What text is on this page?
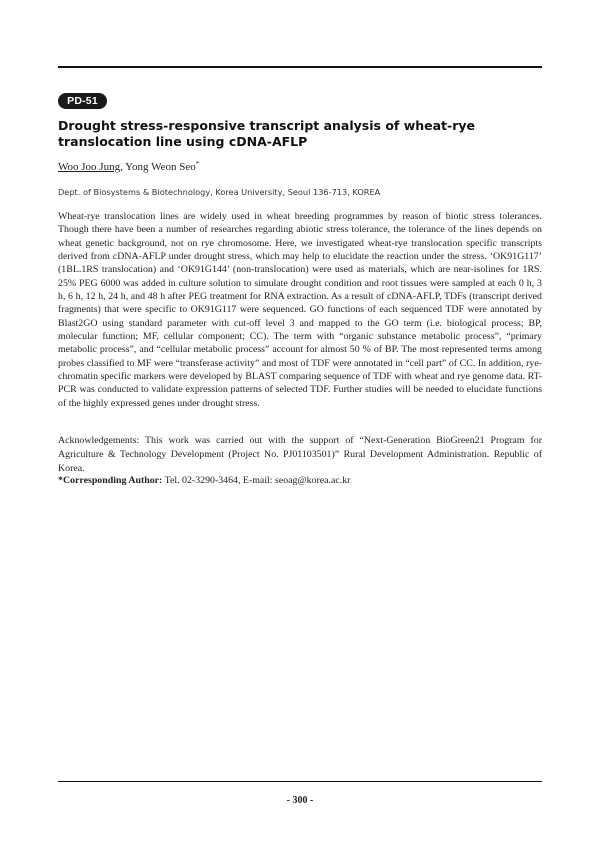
PD-51
Drought stress-responsive transcript analysis of wheat-rye translocation line using cDNA-AFLP
Woo Joo Jung, Yong Weon Seo*
Dept. of Biosystems & Biotechnology, Korea University, Seoul 136-713, KOREA

Wheat-rye translocation lines are widely used in wheat breeding programmes by reason of biotic stress tolerances. Though there have been a number of researches regarding abiotic stress tolerance, the tolerance of the lines depends on wheat genetic background, not on rye chromosome. Here, we investigated wheat-rye translocation specific transcripts derived from cDNA-AFLP under drought stress, which may help to elucidate the reaction under the stress. ‘OK91G117’ (1BL.1RS translocation) and ‘OK91G144’ (non-translocation) were used as materials, which are near-isolines for 1RS. 25% PEG 6000 was added in culture solution to simulate drought condition and root tissues were sampled at each 0 h, 3 h, 6 h, 12 h, 24 h, and 48 h after PEG treatment for RNA extraction. As a result of cDNA-AFLP, TDFs (transcript derived fragments) that were specific to OK91G117 were sequenced. GO functions of each sequenced TDF were annotated by Blast2GO using standard parameter with cut-off level 3 and mapped to the GO term (i.e. biological process; BP, molecular function; MF, cellular component; CC). The term with “organic substance metabolic process”, “primary metabolic process”, and “cellular metabolic process” account for almost 50 % of BP. The most represented terms among probes classified to MF were “transferase activity” and most of TDF were annotated in “cell part” of CC. In addition, rye-chromatin specific markers were developed by BLAST comparing sequence of TDF with wheat and rye genome data. RT-PCR was conducted to validate expression patterns of selected TDF. Further studies will be needed to elucidate functions of the highly expressed genes under drought stress.

Acknowledgements: This work was carried out with the support of “Next-Generation BioGreen21 Program for Agriculture & Technology Development (Project No. PJ01103501)” Rural Development Administration. Republic of Korea.

*Corresponding Author: Tel. 02-3290-3464, E-mail: seoag@korea.ac.kr

- 300 -
